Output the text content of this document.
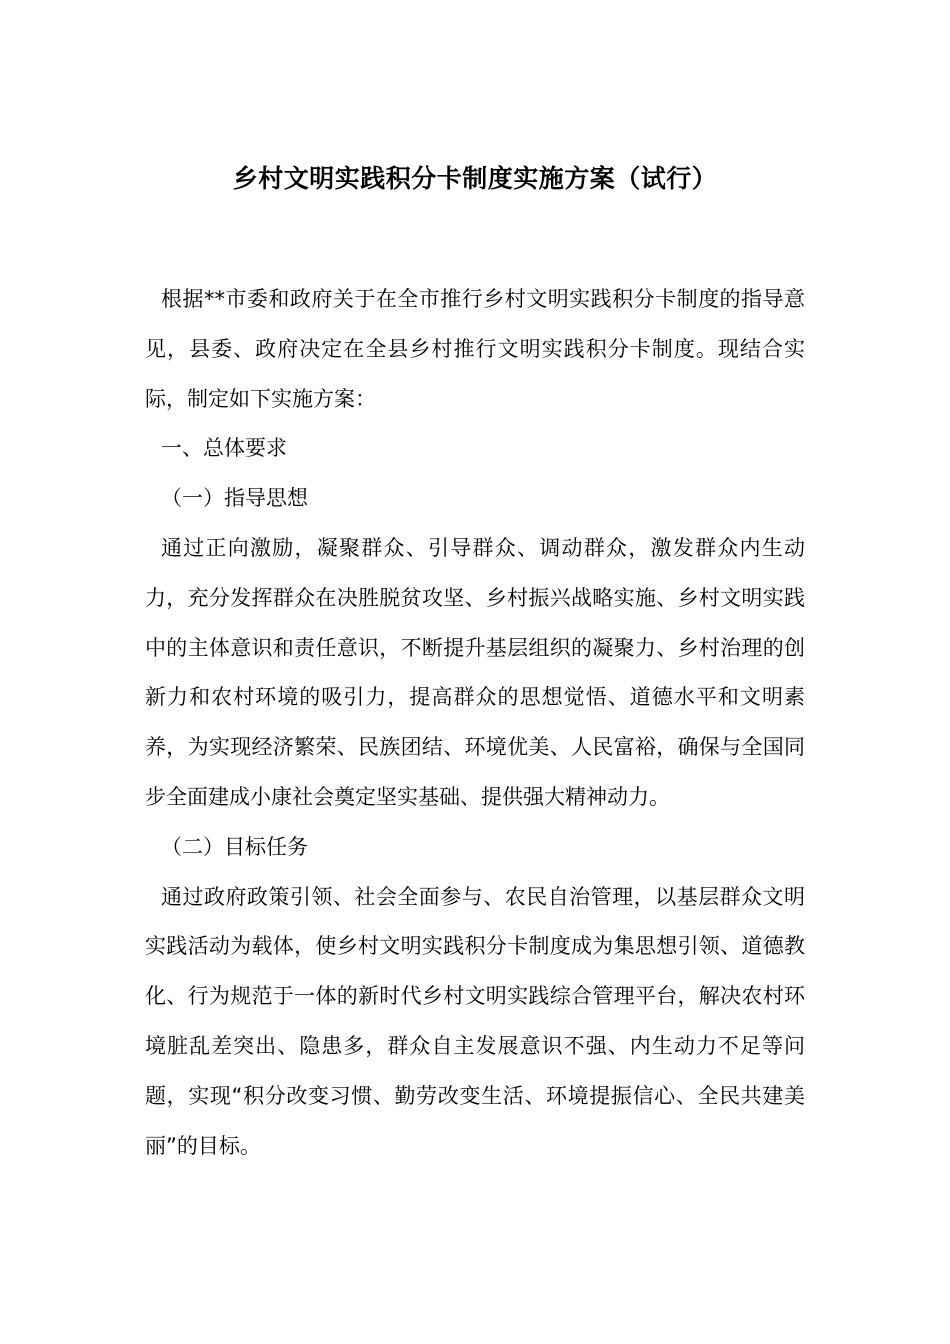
乡村文明实践积分卡制度实施方案（试行）

根据**市委和政府关于在全市推行乡村文明实践积分卡制度的指导意见，县委、政府决定在全县乡村推行文明实践积分卡制度。现结合实际，制定如下实施方案：

一、总体要求

（一）指导思想

通过正向激励，凝聚群众、引导群众、调动群众，激发群众内生动力，充分发挥群众在决胜脱贫攻坚、乡村振兴战略实施、乡村文明实践中的主体意识和责任意识，不断提升基层组织的凝聚力、乡村治理的创新力和农村环境的吸引力，提高群众的思想觉悟、道德水平和文明素养，为实现经济繁荣、民族团结、环境优美、人民富裕，确保与全国同步全面建成小康社会奠定坚实基础、提供强大精神动力。

（二）目标任务

通过政府政策引领、社会全面参与、农民自治管理，以基层群众文明实践活动为载体，使乡村文明实践积分卡制度成为集思想引领、道德教化、行为规范于一体的新时代乡村文明实践综合管理平台，解决农村环境脏乱差突出、隐患多，群众自主发展意识不强、内生动力不足等问题，实现“积分改变习惯、勤劳改变生活、环境提振信心、全民共建美丽”的目标。
